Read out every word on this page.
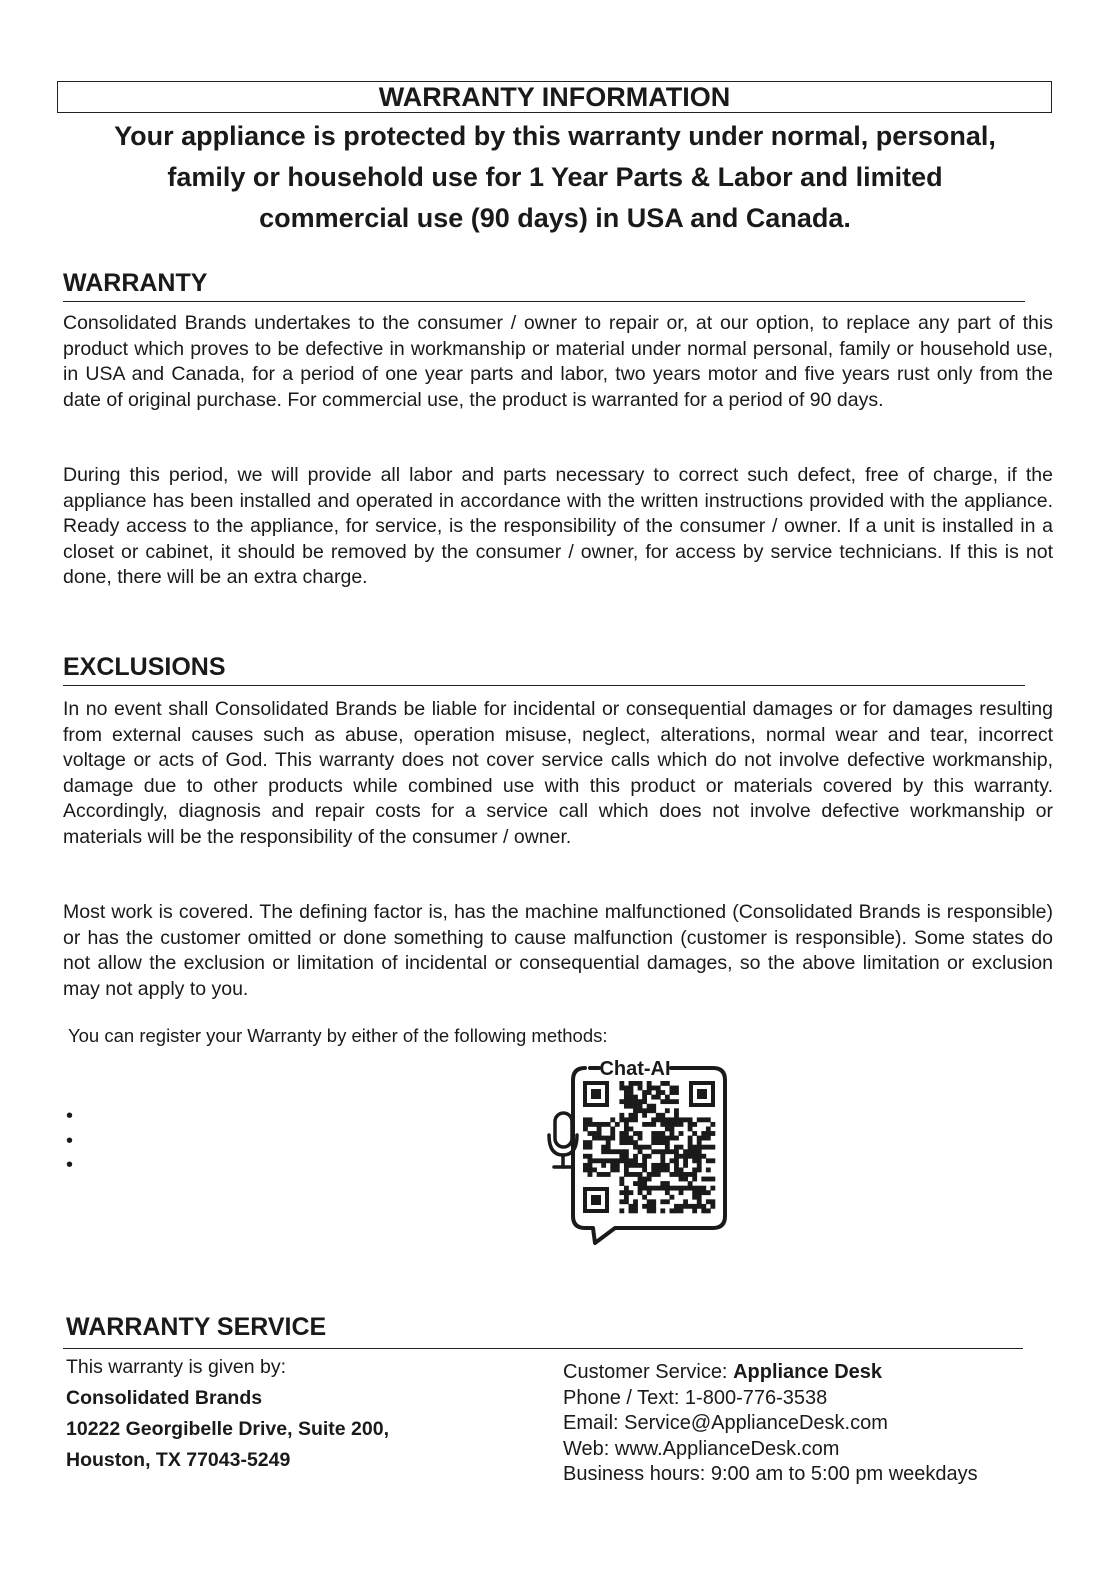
WARRANTY INFORMATION
Your appliance is protected by this warranty under normal, personal,
family or household use for 1 Year Parts & Labor and limited
commercial use (90 days) in USA and Canada.
WARRANTY
Consolidated Brands undertakes to the consumer / owner to repair or, at our option, to replace any part of this product which proves to be defective in workmanship or material under normal personal, family or household use, in USA and Canada, for a period of one year parts and labor, two years motor and five years rust only from the date of original purchase. For commercial use, the product is warranted for a period of 90 days.
During this period, we will provide all labor and parts necessary to correct such defect, free of charge, if the appliance has been installed and operated in accordance with the written instructions provided with the appliance. Ready access to the appliance, for service, is the responsibility of the consumer / owner. If a unit is installed in a closet or cabinet, it should be removed by the consumer / owner, for access by service technicians. If this is not done, there will be an extra charge.
EXCLUSIONS
In no event shall Consolidated Brands be liable for incidental or consequential damages or for damages resulting from external causes such as abuse, operation misuse, neglect, alterations, normal wear and tear, incorrect voltage or acts of God. This warranty does not cover service calls which do not involve defective workmanship, damage due to other products while combined use with this product or materials covered by this warranty. Accordingly, diagnosis and repair costs for a service call which does not involve defective workmanship or materials will be the responsibility of the consumer / owner.
Most work is covered. The defining factor is, has the machine malfunctioned (Consolidated Brands is responsible) or has the customer omitted or done something to cause malfunction (customer is responsible). Some states do not allow the exclusion or limitation of incidental or consequential damages, so the above limitation or exclusion may not apply to you.
You can register your Warranty by either of the following methods:
•
•
•
Chat-AI
WARRANTY SERVICE
This warranty is given by:
Consolidated Brands
10222 Georgibelle Drive, Suite 200,
Houston, TX 77043-5249
Customer Service: Appliance Desk
Phone / Text: 1-800-776-3538
Email: Service@ApplianceDesk.com
Web: www.ApplianceDesk.com
Business hours: 9:00 am to 5:00 pm weekdays
